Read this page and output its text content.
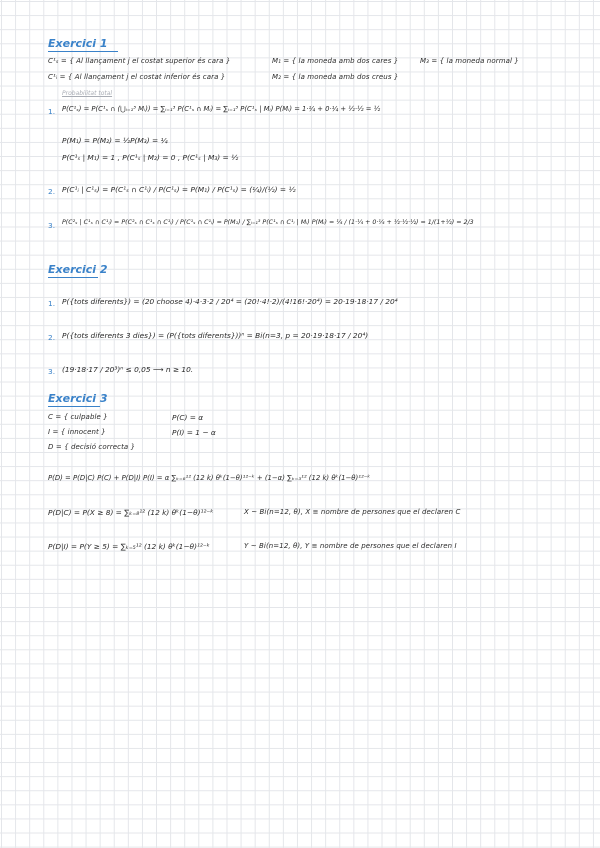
Exercici 1
C¹ₛ = { Al llançament j el costat superior és cara }	M₁ = { la moneda amb dos cares }	M₃ = { la moneda normal }
C¹ᵢ = { Al llançament j el costat inferior és cara }	M₂ = { la moneda amb dos creus }
Probabilitat total
1. P(C¹ₛ) = P(C¹ₛ ∩ (⋃ᵢ₌₁³ Mᵢ)) = ∑ᵢ₌₁³ P(C¹ₛ ∩ Mᵢ) = ∑ᵢ₌₁³ P(C¹ₛ | Mᵢ) P(Mᵢ) = 1·¼ + 0·¼ + ½·½ = ½
P(M₁) = P(M₂) = ½P(M₃) = ¼
P(C¹ₛ | M₁) = 1 , P(C¹ₛ | M₂) = 0 , P(C¹ₛ | M₃) = ½
2. P(C¹ᵢ | C¹ₛ) = P(C¹ₛ ∩ C¹ᵢ) / P(C¹ₛ) = P(M₁) / P(C¹ₛ) = (¼)/(½) = ½
3. P(C²ₛ | C¹ₛ ∩ C¹ᵢ) = P(C²ₛ ∩ C¹ₛ ∩ C¹ᵢ) / P(C¹ₛ ∩ C¹ᵢ) = P(M₁) / ∑ᵢ₌₁³ P(C¹ₛ ∩ C¹ᵢ | Mᵢ) P(Mᵢ) = ¼ / (1·¼ + 0·¼ + ½·½·½) = 1/(1+½) = 2/3
Exercici 2
1. P({tots diferents}) = (20 choose 4)·4·3·2 / 20⁴ = (20!·4!·2)/(4!16!·20⁴) = 20·19·18·17 / 20⁴
2. P({tots diferents 3 dies}) = (P({tots diferents}))ⁿ = Bi(n=3, p = 20·19·18·17 / 20⁴)
3. (19·18·17 / 20³)ⁿ ≤ 0,05 ⟶ n ≥ 10.
Exercici 3
C = { culpable }	P(C) = α
I = { innocent }	P(I) = 1 − α
D = { decisió correcta }
P(D) = P(D|C) P(C) + P(D|I) P(I) = α ∑ₖ₌₈¹² (12 k) θᵏ(1−θ)¹²⁻ᵏ + (1−α) ∑ₖ₌₃¹² (12 k) θᵏ(1−θ)¹²⁻ᵏ
P(D|C) = P(X ≥ 8) = ∑ₖ₌₈¹² (12 k) θᵏ(1−θ)¹²⁻ᵏ	X ~ Bi(n=12, θ), X ≡ nombre de persones que el declaren C
P(D|I) = P(Y ≥ 5) = ∑ₖ₌₅¹² (12 k) θᵏ(1−θ)¹²⁻ᵏ	Y ~ Bi(n=12, θ), Y ≡ nombre de persones que el declaren I
